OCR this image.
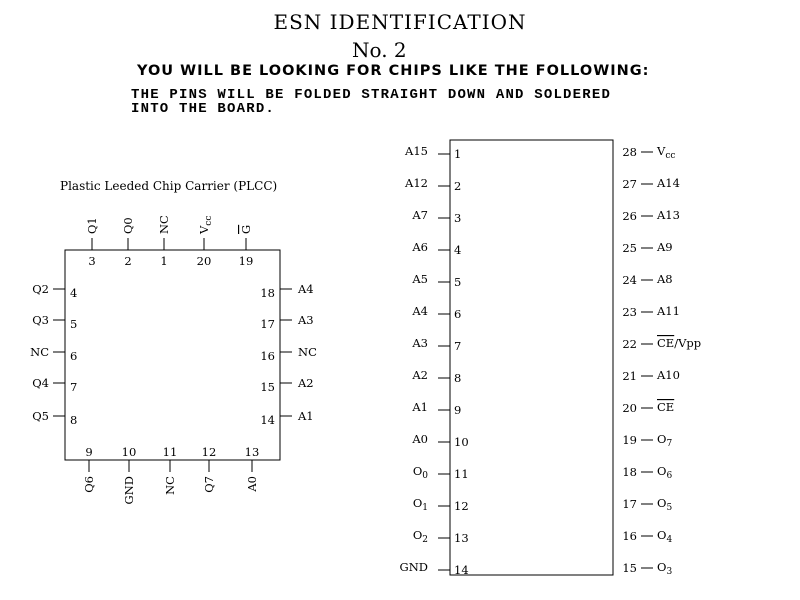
ESN IDENTIFICATION
No. 2
YOU WILL BE LOOKING FOR CHIPS LIKE THE FOLLOWING:
THE PINS WILL BE FOLDED STRAIGHT DOWN AND SOLDERED
INTO THE BOARD.
Plastic Leeded Chip Carrier (PLCC)
3
Q1
2
Q0
1
NC
20
$V_{cc}$
19
G
4
Q2
5
Q3
6
NC
7
Q4
8
Q5
18 A4
17 A3
16 NC
15 A2
14 A1
9
Q6
10
GND
11
NC
12
Q7
13
A0
1
A15
2
A12
3
A7
4
A6
5
A5
6
A4
7
A3
8
A2
9
A1
10
A0
11
$O_0$
12
$O_1$
13
$O_2$
14
GND
28 $V_{cc}$
27 A14
26 A13
25 A9
24 A8
23 A11
22 CE/Vpp
21 A10
20 CE
19 $O_7$
18 $O_6$
17 $O_5$
16 $O_4$
15 $O_3$
